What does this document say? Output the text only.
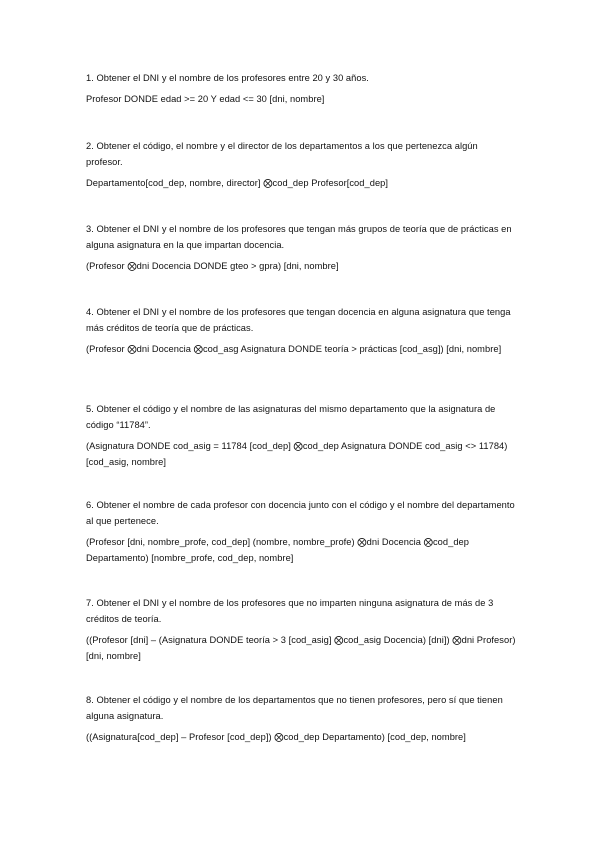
1. Obtener el DNI y el nombre de los profesores entre 20 y 30 años.

Profesor DONDE edad >= 20 Y edad <= 30 [dni, nombre]

2. Obtener el código, el nombre y el director de los departamentos a los que pertenezca algún profesor.

Departamento[cod_dep, nombre, director] ⨂cod_dep Profesor[cod_dep]

3. Obtener el DNI y el nombre de los profesores que tengan más grupos de teoría que de prácticas en alguna asignatura en la que impartan docencia.

(Profesor ⨂dni Docencia DONDE gteo > gpra) [dni, nombre]

4. Obtener el DNI y el nombre de los profesores que tengan docencia en alguna asignatura que tenga más créditos de teoría que de prácticas.

(Profesor ⨂dni Docencia ⨂cod_asg Asignatura DONDE teoría > prácticas [cod_asg]) [dni, nombre]

5. Obtener el código y el nombre de las asignaturas del mismo departamento que la asignatura de código “11784”.

(Asignatura DONDE cod_asig = 11784 [cod_dep] ⨂cod_dep Asignatura DONDE cod_asig <> 11784) [cod_asig, nombre]

6. Obtener el nombre de cada profesor con docencia junto con el código y el nombre del departamento al que pertenece.

(Profesor [dni, nombre_profe, cod_dep] (nombre, nombre_profe) ⨂dni Docencia ⨂cod_dep Departamento) [nombre_profe, cod_dep, nombre]

7. Obtener el DNI y el nombre de los profesores que no imparten ninguna asignatura de más de 3 créditos de teoría.

((Profesor [dni] – (Asignatura DONDE teoría > 3 [cod_asig] ⨂cod_asig Docencia) [dni]) ⨂dni Profesor) [dni, nombre]

8. Obtener el código y el nombre de los departamentos que no tienen profesores, pero sí que tienen alguna asignatura.

((Asignatura[cod_dep] – Profesor [cod_dep]) ⨂cod_dep Departamento) [cod_dep, nombre]
